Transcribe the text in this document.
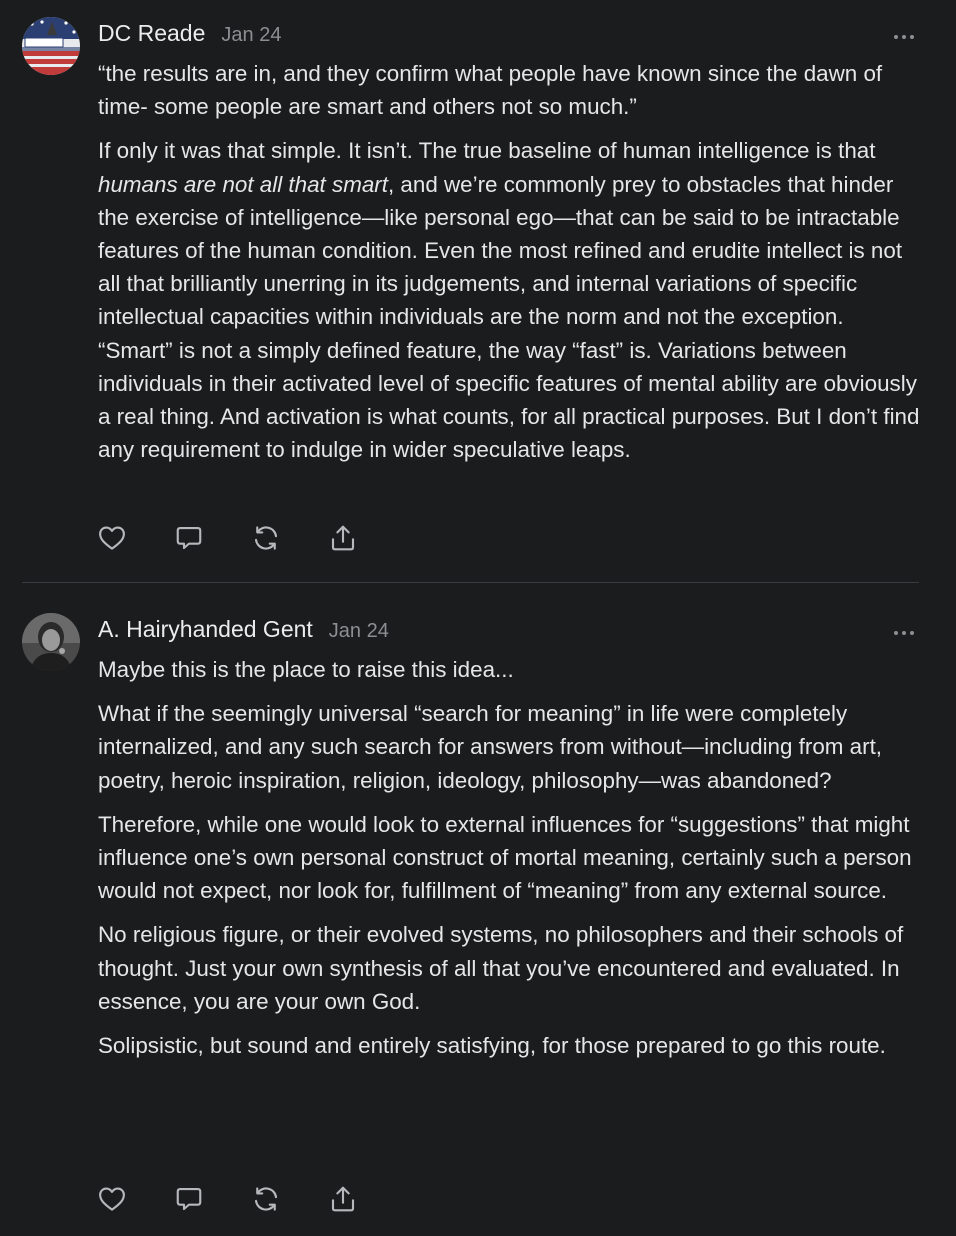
DC Reade Jan 24

“the results are in, and they confirm what people have known since the dawn of time- some people are smart and others not so much.”

If only it was that simple. It isn’t. The true baseline of human intelligence is that humans are not all that smart, and we’re commonly prey to obstacles that hinder the exercise of intelligence—like personal ego—that can be said to be intractable features of the human condition. Even the most refined and erudite intellect is not all that brilliantly unerring in its judgements, and internal variations of specific intellectual capacities within individuals are the norm and not the exception. “Smart” is not a simply defined feature, the way “fast” is. Variations between individuals in their activated level of specific features of mental ability are obviously a real thing. And activation is what counts, for all practical purposes. But I don’t find any requirement to indulge in wider speculative leaps.

A. Hairyhanded Gent Jan 24

Maybe this is the place to raise this idea...

What if the seemingly universal “search for meaning” in life were completely internalized, and any such search for answers from without—including from art, poetry, heroic inspiration, religion, ideology, philosophy—was abandoned?

Therefore, while one would look to external influences for “suggestions” that might influence one’s own personal construct of mortal meaning, certainly such a person would not expect, nor look for, fulfillment of “meaning” from any external source.

No religious figure, or their evolved systems, no philosophers and their schools of thought. Just your own synthesis of all that you’ve encountered and evaluated. In essence, you are your own God.

Solipsistic, but sound and entirely satisfying, for those prepared to go this route.
